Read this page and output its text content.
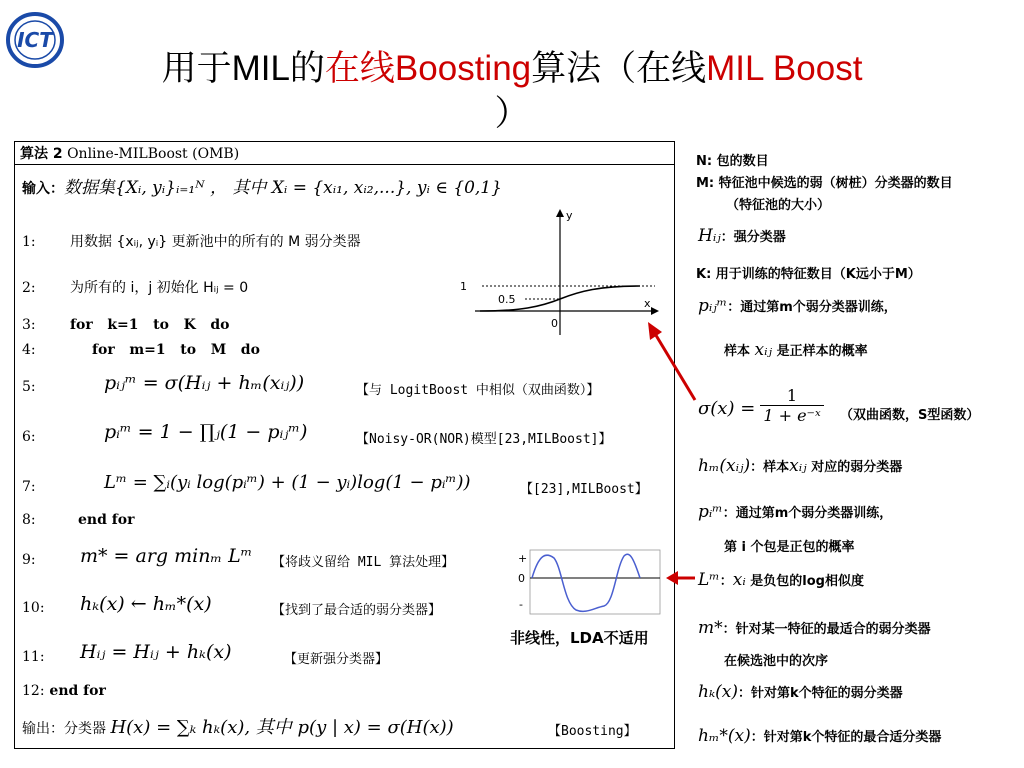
ICT
用于MIL的在线Boosting算法（在线MIL Boost
）
算法 2 Online-MILBoost (OMB)
输入：数据集{Xᵢ, yᵢ}ᵢ₌₁ᴺ ， 其中 Xᵢ = {xᵢ₁, xᵢ₂,...}, yᵢ ∈ {0,1}
1: 用数据 {xᵢⱼ, yᵢ} 更新池中的所有的 M 弱分类器
2: 为所有的 i，j 初始化 Hᵢⱼ = 0
3: for   k=1   to   K   do
4:	for   m=1   to   M   do
5:	pᵢⱼᵐ = σ(Hᵢⱼ + hₘ(xᵢⱼ))	【与 LogitBoost 中相似（双曲函数）】
6:	pᵢᵐ = 1 − ∏ⱼ(1 − pᵢⱼᵐ)	【Noisy-OR(NOR)模型[23,MILBoost]】
7:	Lᵐ = ∑ᵢ(yᵢ log(pᵢᵐ) + (1 − yᵢ)log(1 − pᵢᵐ))	【[23],MILBoost】
8:	end for
9:	m* = arg minₘ Lᵐ 【将歧义留给 MIL 算法处理】
10:	hₖ(x) ← hₘ*(x)	【找到了最合适的弱分类器】
11:	Hᵢⱼ = Hᵢⱼ + hₖ(x)	【更新强分类器】
12: end for
输出：分类器 H(x) = ∑ₖ hₖ(x), 其中 p(y | x) = σ(H(x))	【Boosting】
y
x
1
0.5
0
+
0
-
非线性，LDA不适用
N: 包的数目
M: 特征池中候选的弱（树桩）分类器的数目
（特征池的大小）
Hᵢⱼ：强分类器
K: 用于训练的特征数目（K远小于M）
pᵢⱼᵐ：通过第m个弱分类器训练，
样本 xᵢⱼ 是正样本的概率
$\sigma(x) = \frac{1}{\text{1 + e⁻ˣ}}$ （双曲函数，S型函数）
hₘ(xᵢⱼ)：样本xᵢⱼ 对应的弱分类器
pᵢᵐ：通过第m个弱分类器训练，
第 i 个包是正包的概率
Lᵐ：xᵢ 是负包的log相似度
m*：针对某一特征的最适合的弱分类器
在候选池中的次序
hₖ(x)：针对第k个特征的弱分类器
hₘ*(x)：针对第k个特征的最合适分类器
